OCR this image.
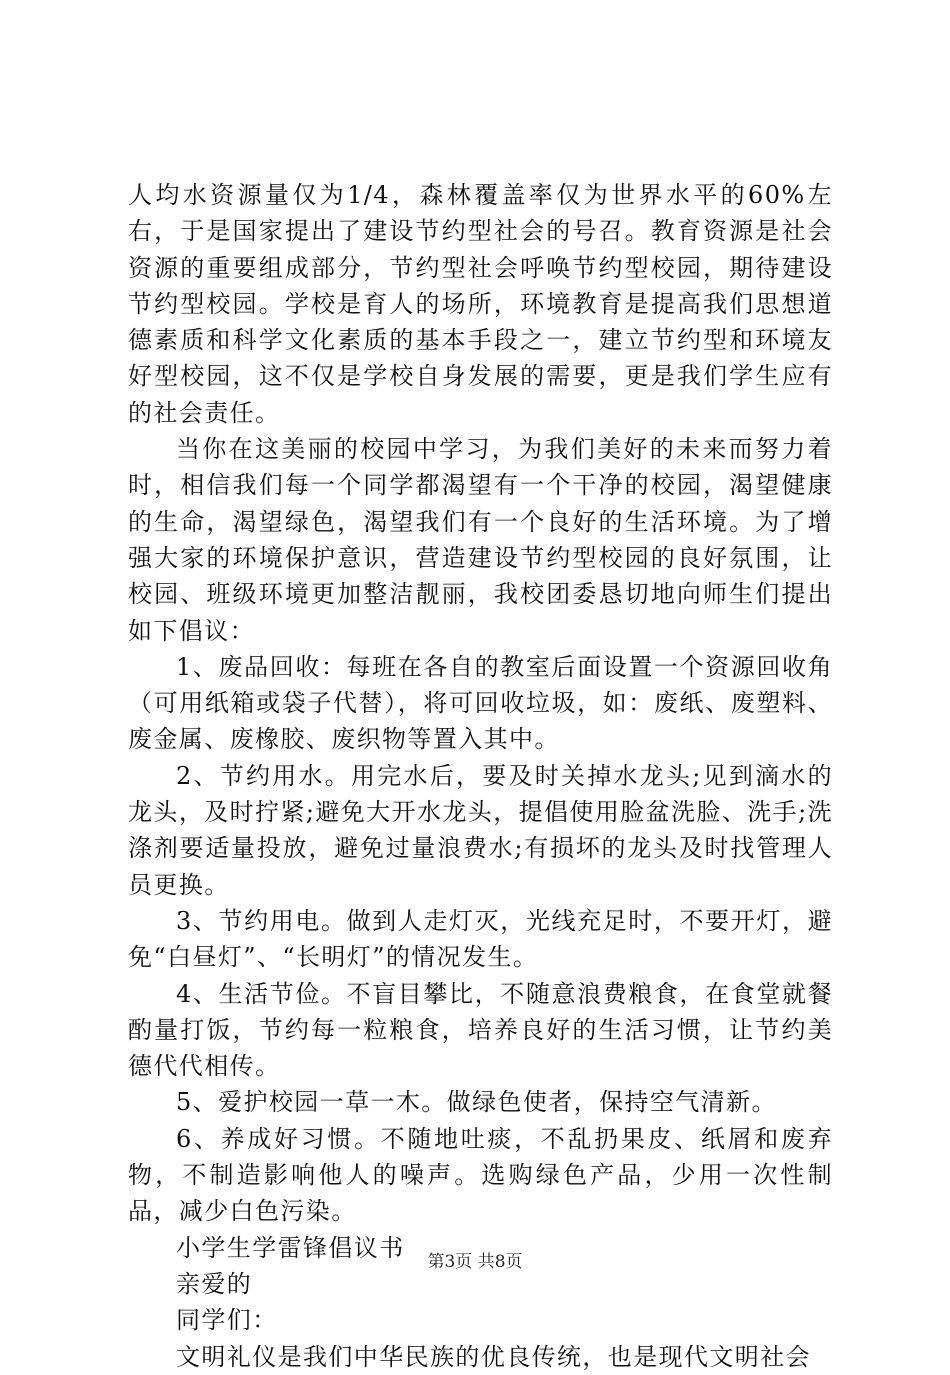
人均水资源量仅为1/4，森林覆盖率仅为世界水平的60%左右，于是国家提出了建设节约型社会的号召。教育资源是社会资源的重要组成部分，节约型社会呼唤节约型校园，期待建设节约型校园。学校是育人的场所，环境教育是提高我们思想道德素质和科学文化素质的基本手段之一，建立节约型和环境友好型校园，这不仅是学校自身发展的需要，更是我们学生应有的社会责任。

当你在这美丽的校园中学习，为我们美好的未来而努力着时，相信我们每一个同学都渴望有一个干净的校园，渴望健康的生命，渴望绿色，渴望我们有一个良好的生活环境。为了增强大家的环境保护意识，营造建设节约型校园的良好氛围，让校园、班级环境更加整洁靓丽，我校团委恳切地向师生们提出如下倡议：

1、废品回收：每班在各自的教室后面设置一个资源回收角（可用纸箱或袋子代替），将可回收垃圾，如：废纸、废塑料、废金属、废橡胶、废织物等置入其中。

2、节约用水。用完水后，要及时关掉水龙头;见到滴水的龙头，及时拧紧;避免大开水龙头，提倡使用脸盆洗脸、洗手;洗涤剂要适量投放，避免过量浪费水;有损坏的龙头及时找管理人员更换。

3、节约用电。做到人走灯灭，光线充足时，不要开灯，避免“白昼灯”、“长明灯”的情况发生。

4、生活节俭。不盲目攀比，不随意浪费粮食，在食堂就餐酌量打饭，节约每一粒粮食，培养良好的生活习惯，让节约美德代代相传。

5、爱护校园一草一木。做绿色使者，保持空气清新。

6、养成好习惯。不随地吐痰，不乱扔果皮、纸屑和废弃物，不制造影响他人的噪声。选购绿色产品，少用一次性制品，减少白色污染。

小学生学雷锋倡议书

亲爱的

同学们：

文明礼仪是我们中华民族的优良传统，也是现代文明社会

第3页 共8页
